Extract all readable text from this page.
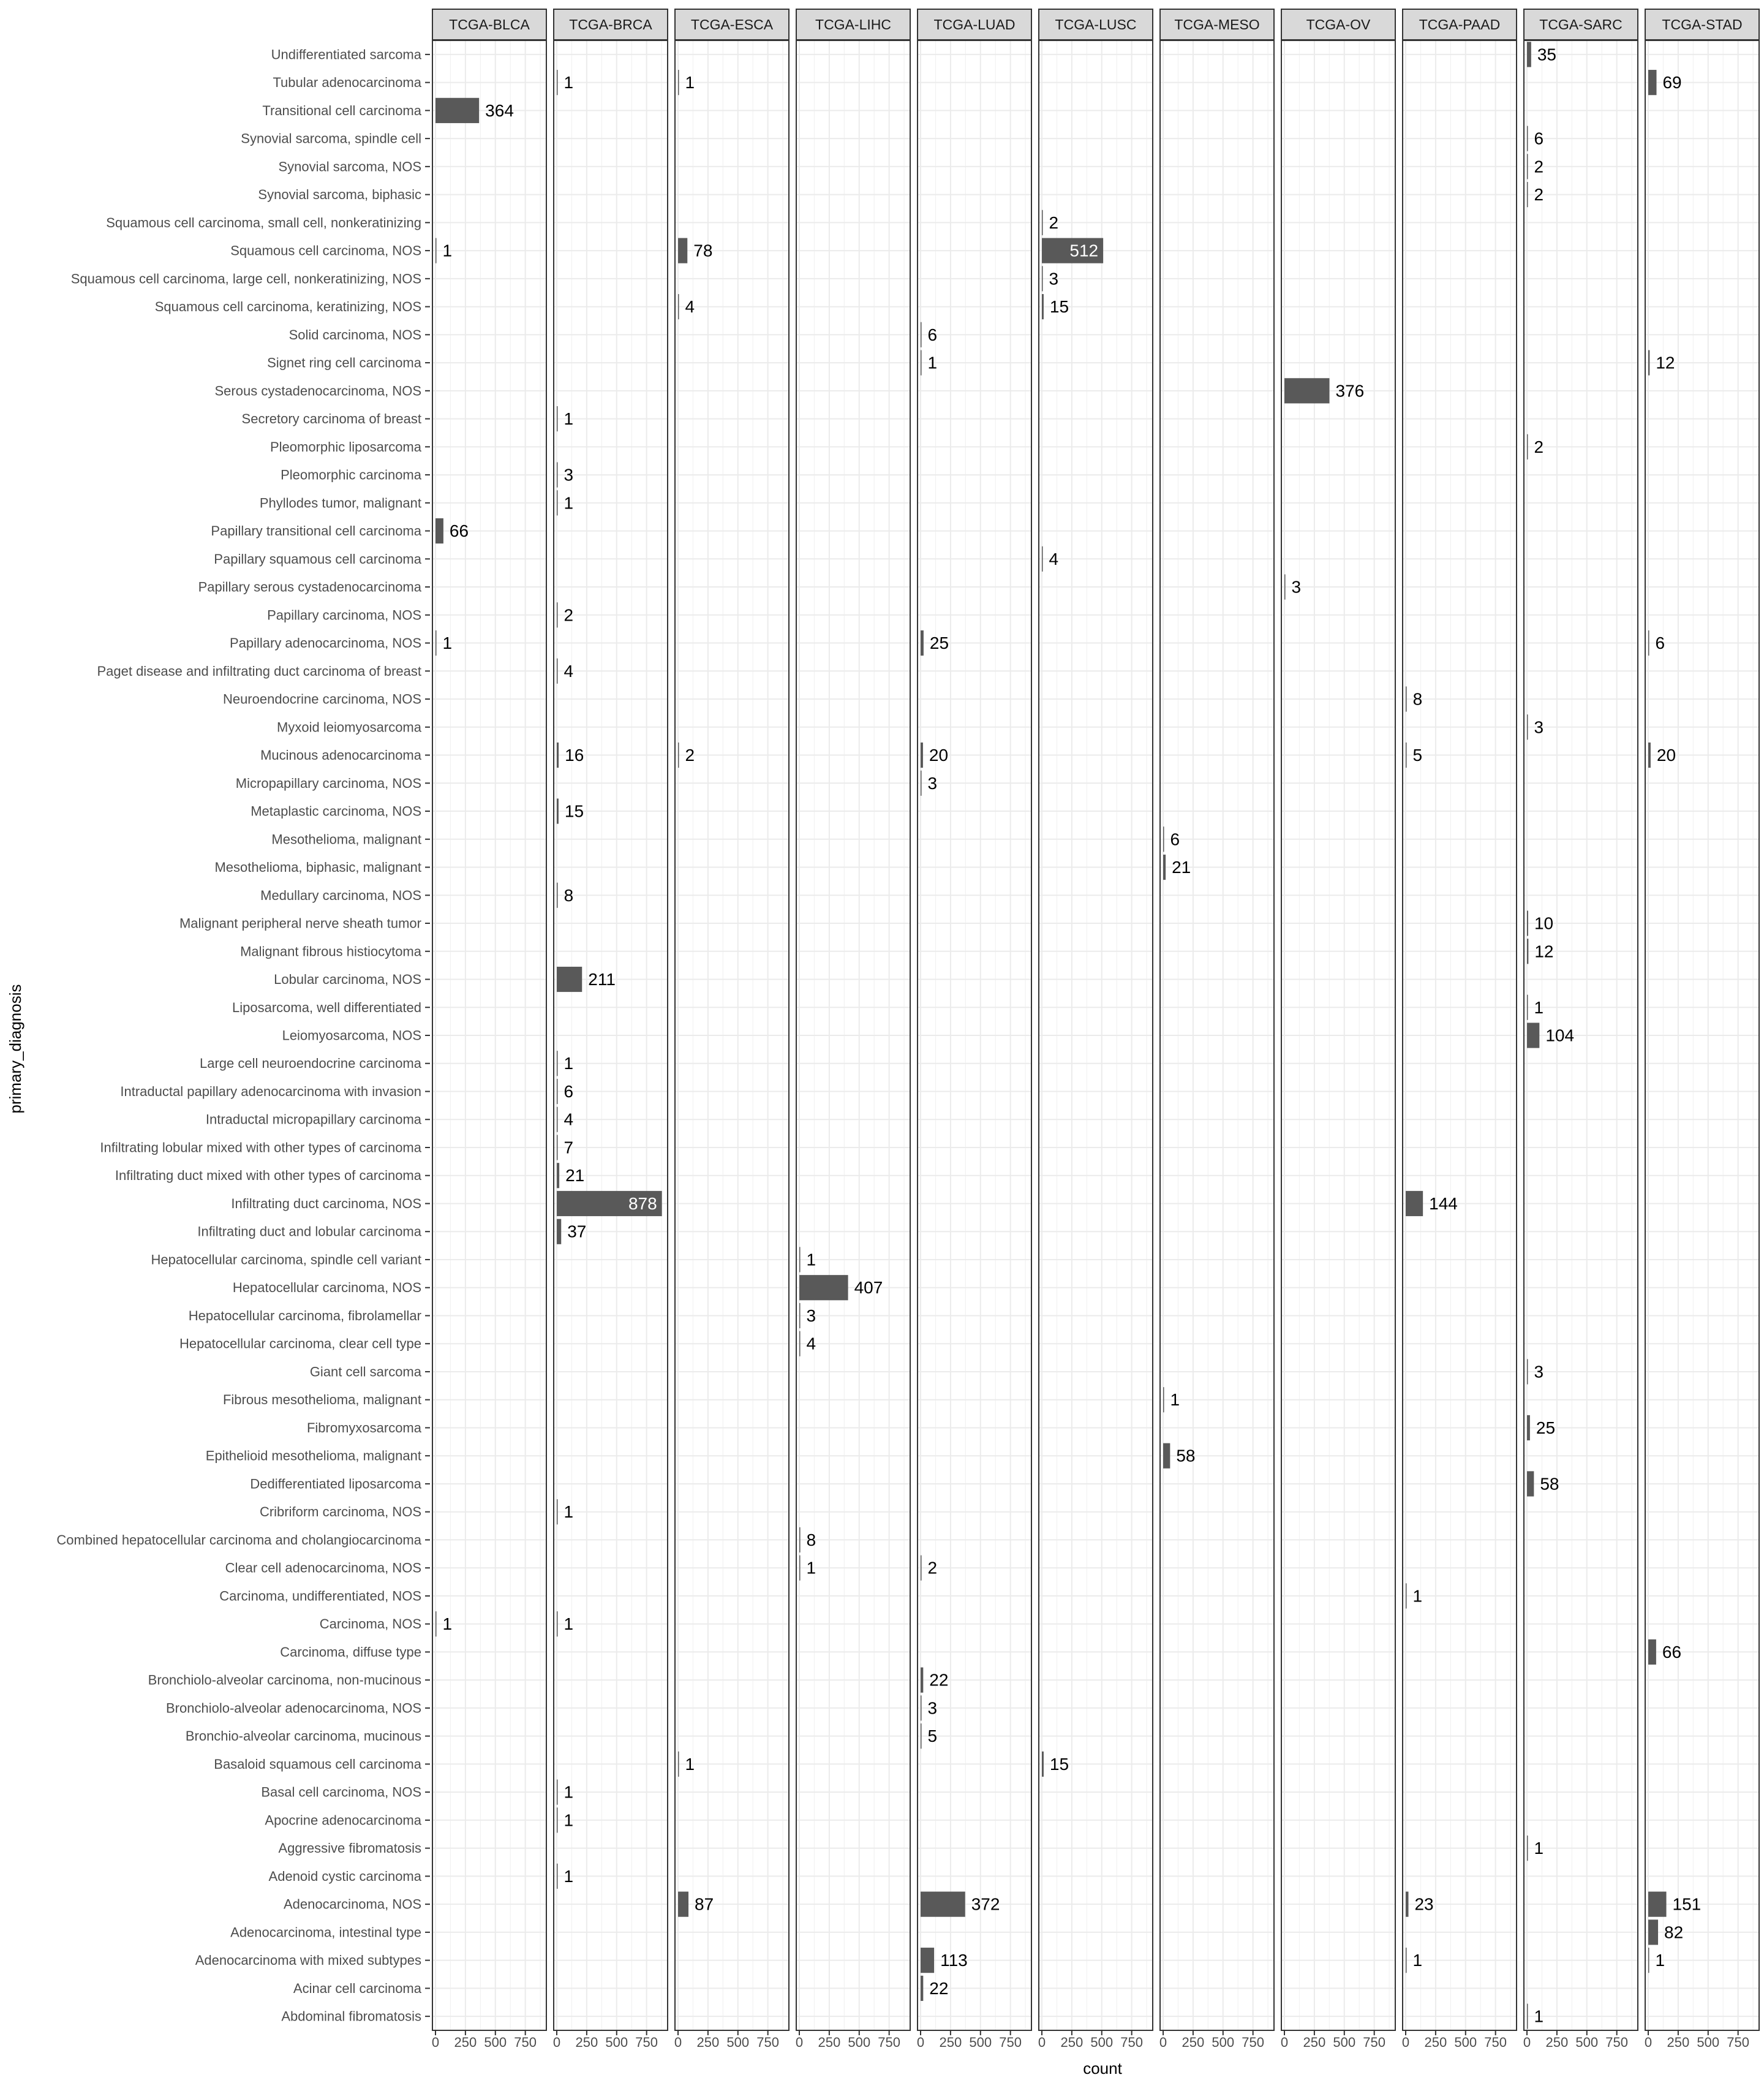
Undifferentiated sarcoma
Tubular adenocarcinoma
Transitional cell carcinoma
Synovial sarcoma, spindle cell
Synovial sarcoma, NOS
Synovial sarcoma, biphasic
Squamous cell carcinoma, small cell, nonkeratinizing
Squamous cell carcinoma, NOS
Squamous cell carcinoma, large cell, nonkeratinizing, NOS
Squamous cell carcinoma, keratinizing, NOS
Solid carcinoma, NOS
Signet ring cell carcinoma
Serous cystadenocarcinoma, NOS
Secretory carcinoma of breast
Pleomorphic liposarcoma
Pleomorphic carcinoma
Phyllodes tumor, malignant
Papillary transitional cell carcinoma
Papillary squamous cell carcinoma
Papillary serous cystadenocarcinoma
Papillary carcinoma, NOS
Papillary adenocarcinoma, NOS
Paget disease and infiltrating duct carcinoma of breast
Neuroendocrine carcinoma, NOS
Myxoid leiomyosarcoma
Mucinous adenocarcinoma
Micropapillary carcinoma, NOS
Metaplastic carcinoma, NOS
Mesothelioma, malignant
Mesothelioma, biphasic, malignant
Medullary carcinoma, NOS
Malignant peripheral nerve sheath tumor
Malignant fibrous histiocytoma
Lobular carcinoma, NOS
Liposarcoma, well differentiated
Leiomyosarcoma, NOS
Large cell neuroendocrine carcinoma
Intraductal papillary adenocarcinoma with invasion
Intraductal micropapillary carcinoma
Infiltrating lobular mixed with other types of carcinoma
Infiltrating duct mixed with other types of carcinoma
Infiltrating duct carcinoma, NOS
Infiltrating duct and lobular carcinoma
Hepatocellular carcinoma, spindle cell variant
Hepatocellular carcinoma, NOS
Hepatocellular carcinoma, fibrolamellar
Hepatocellular carcinoma, clear cell type
Giant cell sarcoma
Fibrous mesothelioma, malignant
Fibromyxosarcoma
Epithelioid mesothelioma, malignant
Dedifferentiated liposarcoma
Cribriform carcinoma, NOS
Combined hepatocellular carcinoma and cholangiocarcinoma
Clear cell adenocarcinoma, NOS
Carcinoma, undifferentiated, NOS
Carcinoma, NOS
Carcinoma, diffuse type
Bronchiolo-alveolar carcinoma, non-mucinous
Bronchiolo-alveolar adenocarcinoma, NOS
Bronchio-alveolar carcinoma, mucinous
Basaloid squamous cell carcinoma
Basal cell carcinoma, NOS
Apocrine adenocarcinoma
Aggressive fibromatosis
Adenoid cystic carcinoma
Adenocarcinoma, NOS
Adenocarcinoma, intestinal type
Adenocarcinoma with mixed subtypes
Acinar cell carcinoma
Abdominal fibromatosis
TCGA-BLCA
364
1
66
1
1
0 250 500 750
TCGA-BRCA
1
1
3
1
2
4
16
15
8
211
1
6
4
7
21
878
37
1
1
1
1
1
0 250 500 750
TCGA-ESCA
1
78
4
2
1
87
0 250 500 750
TCGA-LIHC
1
407
3
4
8
1
0 250 500 750
TCGA-LUAD
6
1
25
20
3
2
22
3
5
372
113
22
0 250 500 750
TCGA-LUSC
2
512
3
15
4
15
0 250 500 750
TCGA-MESO
6
21
1
58
0 250 500 750
TCGA-OV
376
3
0 250 500 750
TCGA-PAAD
8
5
144
1
23
1
0 250 500 750
TCGA-SARC
35
6
2
2
2
3
10
12
1
104
3
25
58
1
1
0 250 500 750
TCGA-STAD
69
12
6
20
66
151
82
1
0 250 500 750
count
primary_diagnosis
